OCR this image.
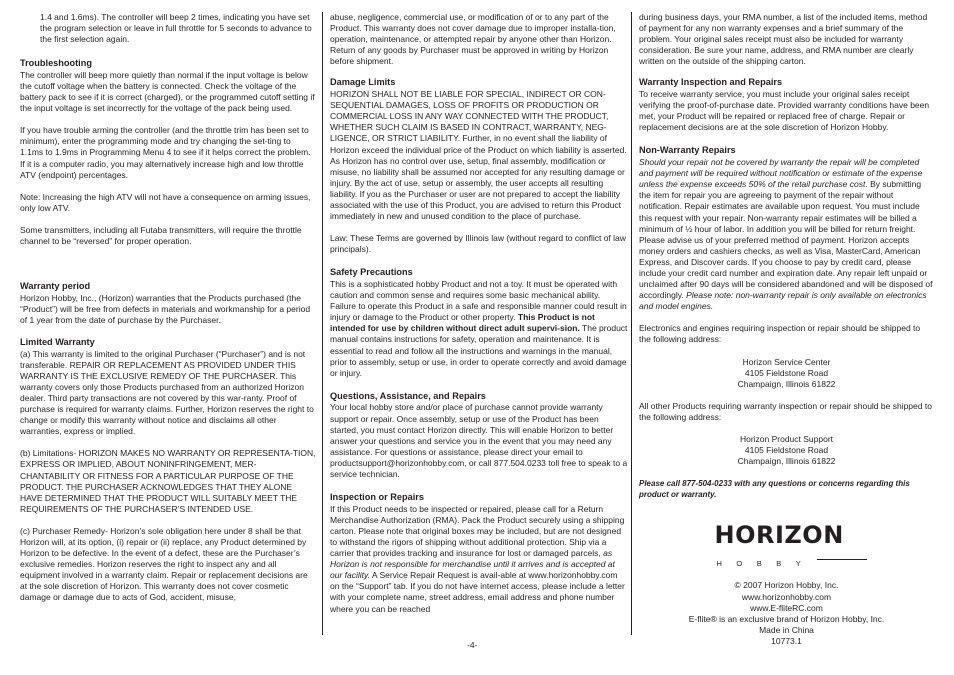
1.4 and 1.6ms). The controller will beep 2 times, indicating you have set the program selection or leave in full throttle for 5 seconds to advance to the first selection again.

Troubleshooting

The controller will beep more quietly than normal if the input voltage is below the cutoff voltage when the battery is connected. Check the voltage of the battery pack to see if it is correct (charged), or the programmed cutoff setting if the input voltage is set incorrectly for the voltage of the pack being used.

If you have trouble arming the controller (and the throttle trim has been set to minimum), enter the programming mode and try changing the set-ting to 1.1ms to 1.9ms in Programming Menu 4 to see if it helps correct the problem. If it is a computer radio, you may alternatively increase high and low throttle ATV (endpoint) percentages.

Note: Increasing the high ATV will not have a consequence on arming issues, only low ATV.

Some transmitters, including all Futaba transmitters, will require the throttle channel to be “reversed” for proper operation.

Warranty period

Horizon Hobby, Inc., (Horizon) warranties that the Products purchased (the “Product”) will be free from defects in materials and workmanship for a period of 1 year from the date of purchase by the Purchaser.

Limited Warranty

(a) This warranty is limited to the original Purchaser (“Purchaser”) and is not transferable. REPAIR OR REPLACEMENT AS PROVIDED UNDER THIS WARRANTY IS THE EXCLUSIVE REMEDY OF THE PURCHASER. This warranty covers only those Products purchased from an authorized Horizon dealer. Third party transactions are not covered by this war-ranty. Proof of purchase is required for warranty claims. Further, Horizon reserves the right to change or modify this warranty without notice and disclaims all other warranties, express or implied.

(b) Limitations- HORIZON MAKES NO WARRANTY OR REPRESENTA-TION, EXPRESS OR IMPLIED, ABOUT NONINFRINGEMENT, MER-CHANTABILITY OR FITNESS FOR A PARTICULAR PURPOSE OF THE PRODUCT. THE PURCHASER ACKNOWLEDGES THAT THEY ALONE HAVE DETERMINED THAT THE PRODUCT WILL SUITABLY MEET THE REQUIREMENTS OF THE PURCHASER’S INTENDED USE.

(c) Purchaser Remedy- Horizon’s sole obligation here under 8 shall be that Horizon will, at its option, (i) repair or (ii) replace, any Product determined by Horizon to be defective. In the event of a defect, these are the Purchaser’s exclusive remedies. Horizon reserves the right to inspect any and all equipment involved in a warranty claim. Repair or replacement decisions are at the sole discretion of Horizon. This warranty does not cover cosmetic damage or damage due to acts of God, accident, misuse,

abuse, negligence, commercial use, or modification of or to any part of the Product. This warranty does not cover damage due to improper installa-tion, operation, maintenance, or attempted repair by anyone other than Horizon. Return of any goods by Purchaser must be approved in writing by Horizon before shipment.

Damage Limits

HORIZON SHALL NOT BE LIABLE FOR SPECIAL, INDIRECT OR CON-SEQUENTIAL DAMAGES, LOSS OF PROFITS OR PRODUCTION OR COMMERCIAL LOSS IN ANY WAY CONNECTED WITH THE PRODUCT, WHETHER SUCH CLAIM IS BASED IN CONTRACT, WARRANTY, NEG-LIGENCE, OR STRICT LIABILITY. Further, in no event shall the liability of Horizon exceed the individual price of the Product on which liability is asserted. As Horizon has no control over use, setup, final assembly, modification or misuse, no liability shall be assumed nor accepted for any resulting damage or injury. By the act of use, setup or assembly, the user accepts all resulting liability. If you as the Purchaser or user are not prepared to accept the liability associated with the use of this Product, you are advised to return this Product immediately in new and unused condition to the place of purchase.

Law: These Terms are governed by Illinois law (without regard to conflict of law principals).

Safety Precautions

This is a sophisticated hobby Product and not a toy. It must be operated with caution and common sense and requires some basic mechanical ability. Failure to operate this Product in a safe and responsible manner could result in injury or damage to the Product or other property. This Product is not intended for use by children without direct adult supervi-sion. The product manual contains instructions for safety, operation and maintenance. It is essential to read and follow all the instructions and warnings in the manual, prior to assembly, setup or use, in order to operate correctly and avoid damage or injury.

Questions, Assistance, and Repairs

Your local hobby store and/or place of purchase cannot provide warranty support or repair. Once assembly, setup or use of the Product has been started, you must contact Horizon directly. This will enable Horizon to better answer your questions and service you in the event that you may need any assistance. For questions or assistance, please direct your email to productsupport@horizonhobby.com, or call 877.504.0233 toll free to speak to a service technician.

Inspection or Repairs

If this Product needs to be inspected or repaired, please call for a Return Merchandise Authorization (RMA). Pack the Product securely using a shipping carton. Please note that original boxes may be included, but are not designed to withstand the rigors of shipping without additional protection. Ship via a carrier that provides tracking and insurance for lost or damaged parcels, as Horizon is not responsible for merchandise until it arrives and is accepted at our facility. A Service Repair Request is avail-able at www.horizonhobby.com on the “Support” tab. If you do not have internet access, please include a letter with your complete name, street address, email address and phone number where you can be reached

during business days, your RMA number, a list of the included items, method of payment for any non warranty expenses and a brief summary of the problem. Your original sales receipt must also be included for warranty consideration. Be sure your name, address, and RMA number are clearly written on the outside of the shipping carton.

Warranty Inspection and Repairs

To receive warranty service, you must include your original sales receipt verifying the proof-of-purchase date. Provided warranty conditions have been met, your Product will be repaired or replaced free of charge. Repair or replacement decisions are at the sole discretion of Horizon Hobby.

Non-Warranty Repairs

Should your repair not be covered by warranty the repair will be completed and payment will be required without notification or estimate of the expense unless the expense exceeds 50% of the retail purchase cost. By submitting the item for repair you are agreeing to payment of the repair without notification. Repair estimates are available upon request. You must include this request with your repair. Non-warranty repair estimates will be billed a minimum of ½ hour of labor. In addition you will be billed for return freight. Please advise us of your preferred method of payment. Horizon accepts money orders and cashiers checks, as well as Visa, MasterCard, American Express, and Discover cards. If you choose to pay by credit card, please include your credit card number and expiration date. Any repair left unpaid or unclaimed after 90 days will be considered abandoned and will be disposed of accordingly. Please note: non-warranty repair is only available on electronics and model engines.

Electronics and engines requiring inspection or repair should be shipped to the following address:

Horizon Service Center

4105 Fieldstone Road

Champaign, Illinois 61822

All other Products requiring warranty inspection or repair should be shipped to the following address:

Horizon Product Support

4105 Fieldstone Road

Champaign, Illinois 61822

Please call 877-504-0233 with any questions or concerns regarding this product or warranty.

HORIZON
HOBBY

© 2007 Horizon Hobby, Inc.

www.horizonhobby.com

www.E-fliteRC.com

E-flite® is an exclusive brand of Horizon Hobby, Inc.

Made in China

10773.1

-4-
